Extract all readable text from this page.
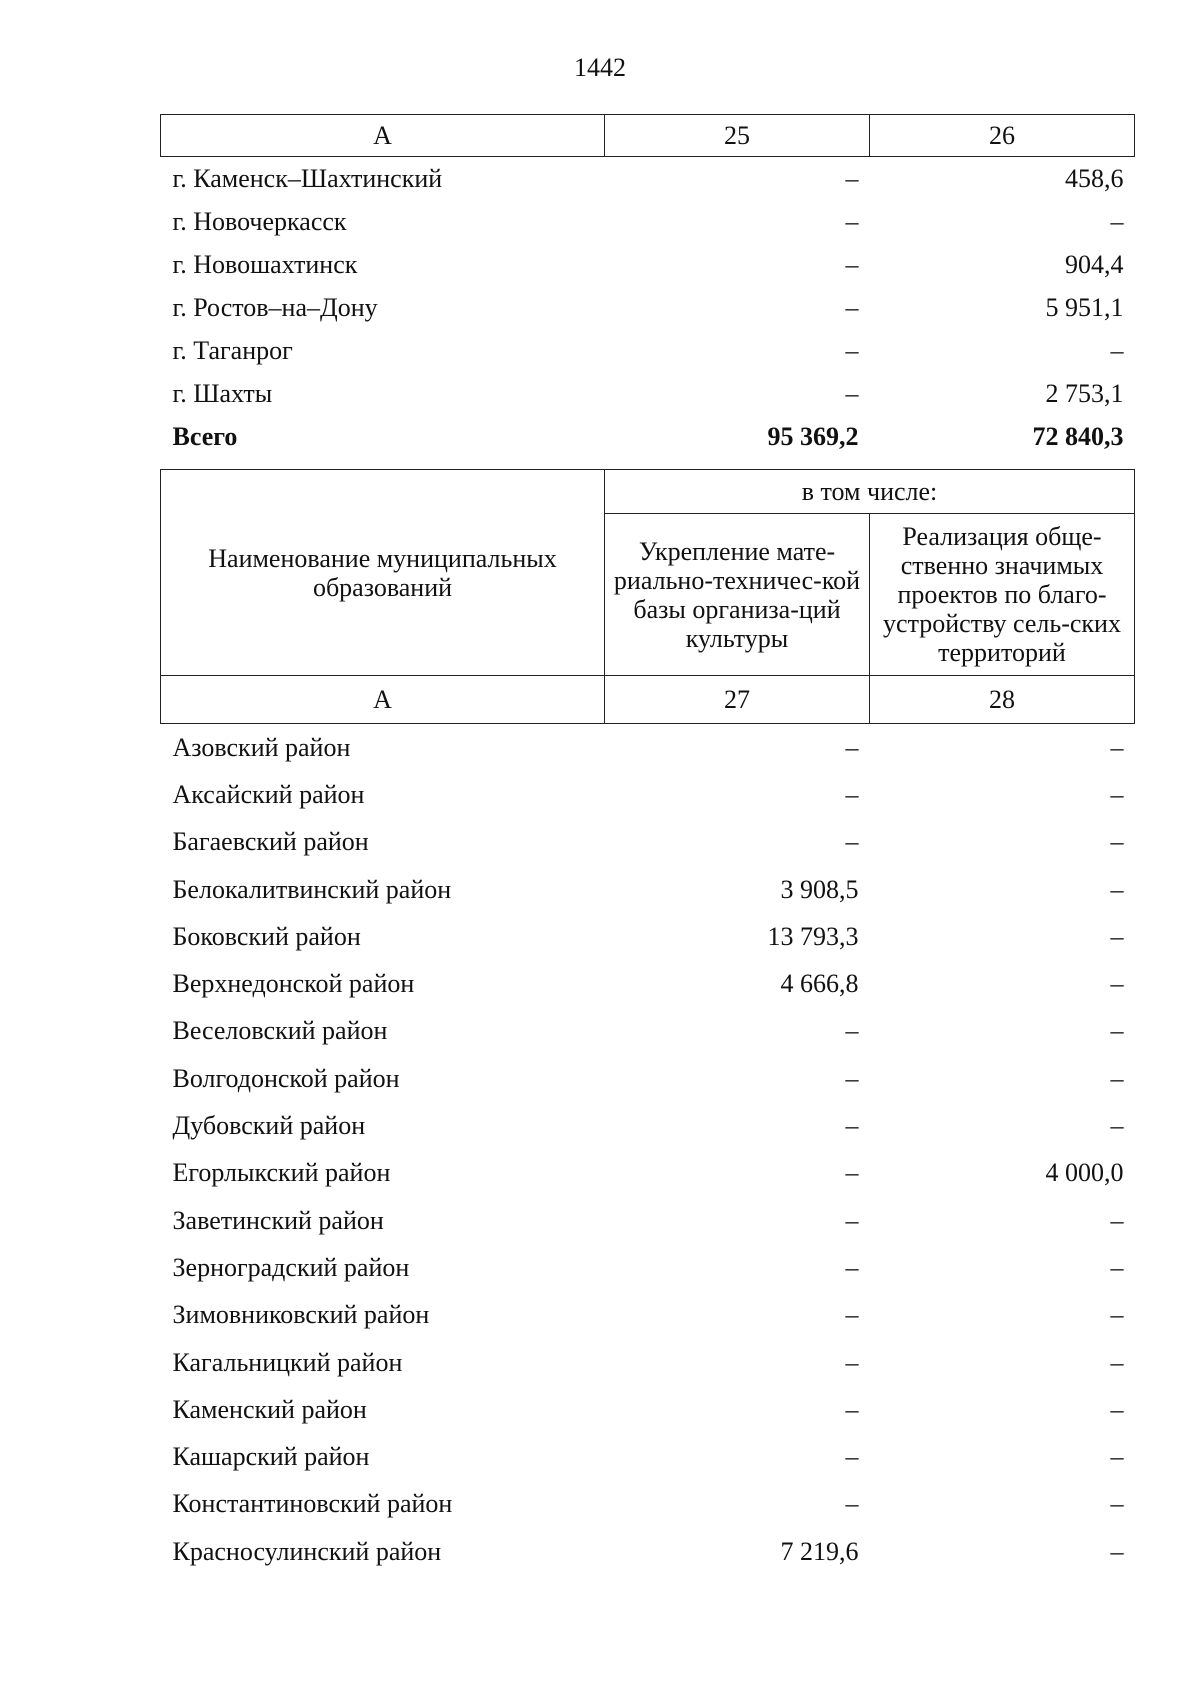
1442
А	25	26
г. Каменск–Шахтинский	–	458,6
г. Новочеркасск	–	–
г. Новошахтинск	–	904,4
г. Ростов–на–Дону	–	5 951,1
г. Таганрог	–	–
г. Шахты	–	2 753,1
Всего	95 369,2	72 840,3
Наименование муниципальных образований	в том числе:	
	Укрепление мате-риально-техничес-кой базы организа-ций культуры	Реализация обще-ственно значимых проектов по благо-устройству сель-ских территорий
А	27	28
Азовский район	–	–
Аксайский район	–	–
Багаевский район	–	–
Белокалитвинский район	3 908,5	–
Боковский район	13 793,3	–
Верхнедонской район	4 666,8	–
Веселовский район	–	–
Волгодонской район	–	–
Дубовский район	–	–
Егорлыкский район	–	4 000,0
Заветинский район	–	–
Зерноградский район	–	–
Зимовниковский район	–	–
Кагальницкий район	–	–
Каменский район	–	–
Кашарский район	–	–
Константиновский район	–	–
Красносулинский район	7 219,6	–
